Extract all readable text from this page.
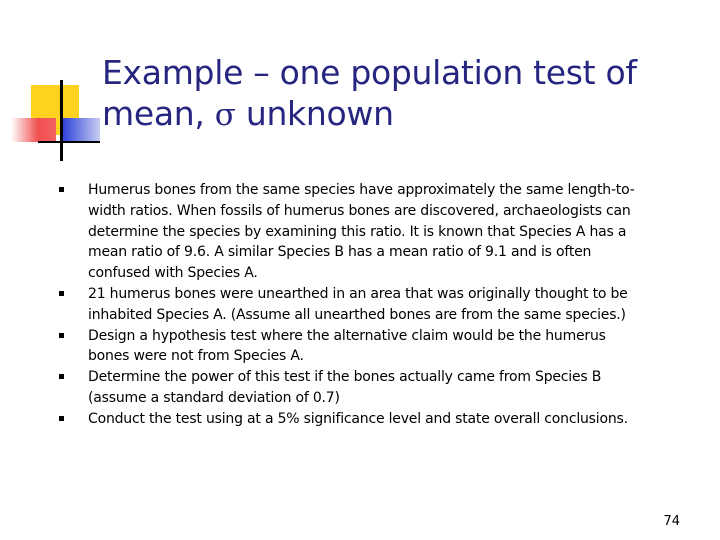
Example – one population test of
mean, σ unknown
Humerus bones from the same species have approximately the same length-to-width ratios. When fossils of humerus bones are discovered, archaeologists can determine the species by examining this ratio. It is known that Species A has a mean ratio of 9.6. A similar Species B has a mean ratio of 9.1 and is often confused with Species A.
21 humerus bones were unearthed in an area that was originally thought to be inhabited Species A. (Assume all unearthed bones are from the same species.)
Design a hypothesis test where the alternative claim would be the humerus bones were not from Species A.
Determine the power of this test if the bones actually came from Species B (assume a standard deviation of 0.7)
Conduct the test using at a 5% significance level and state overall conclusions.
74
